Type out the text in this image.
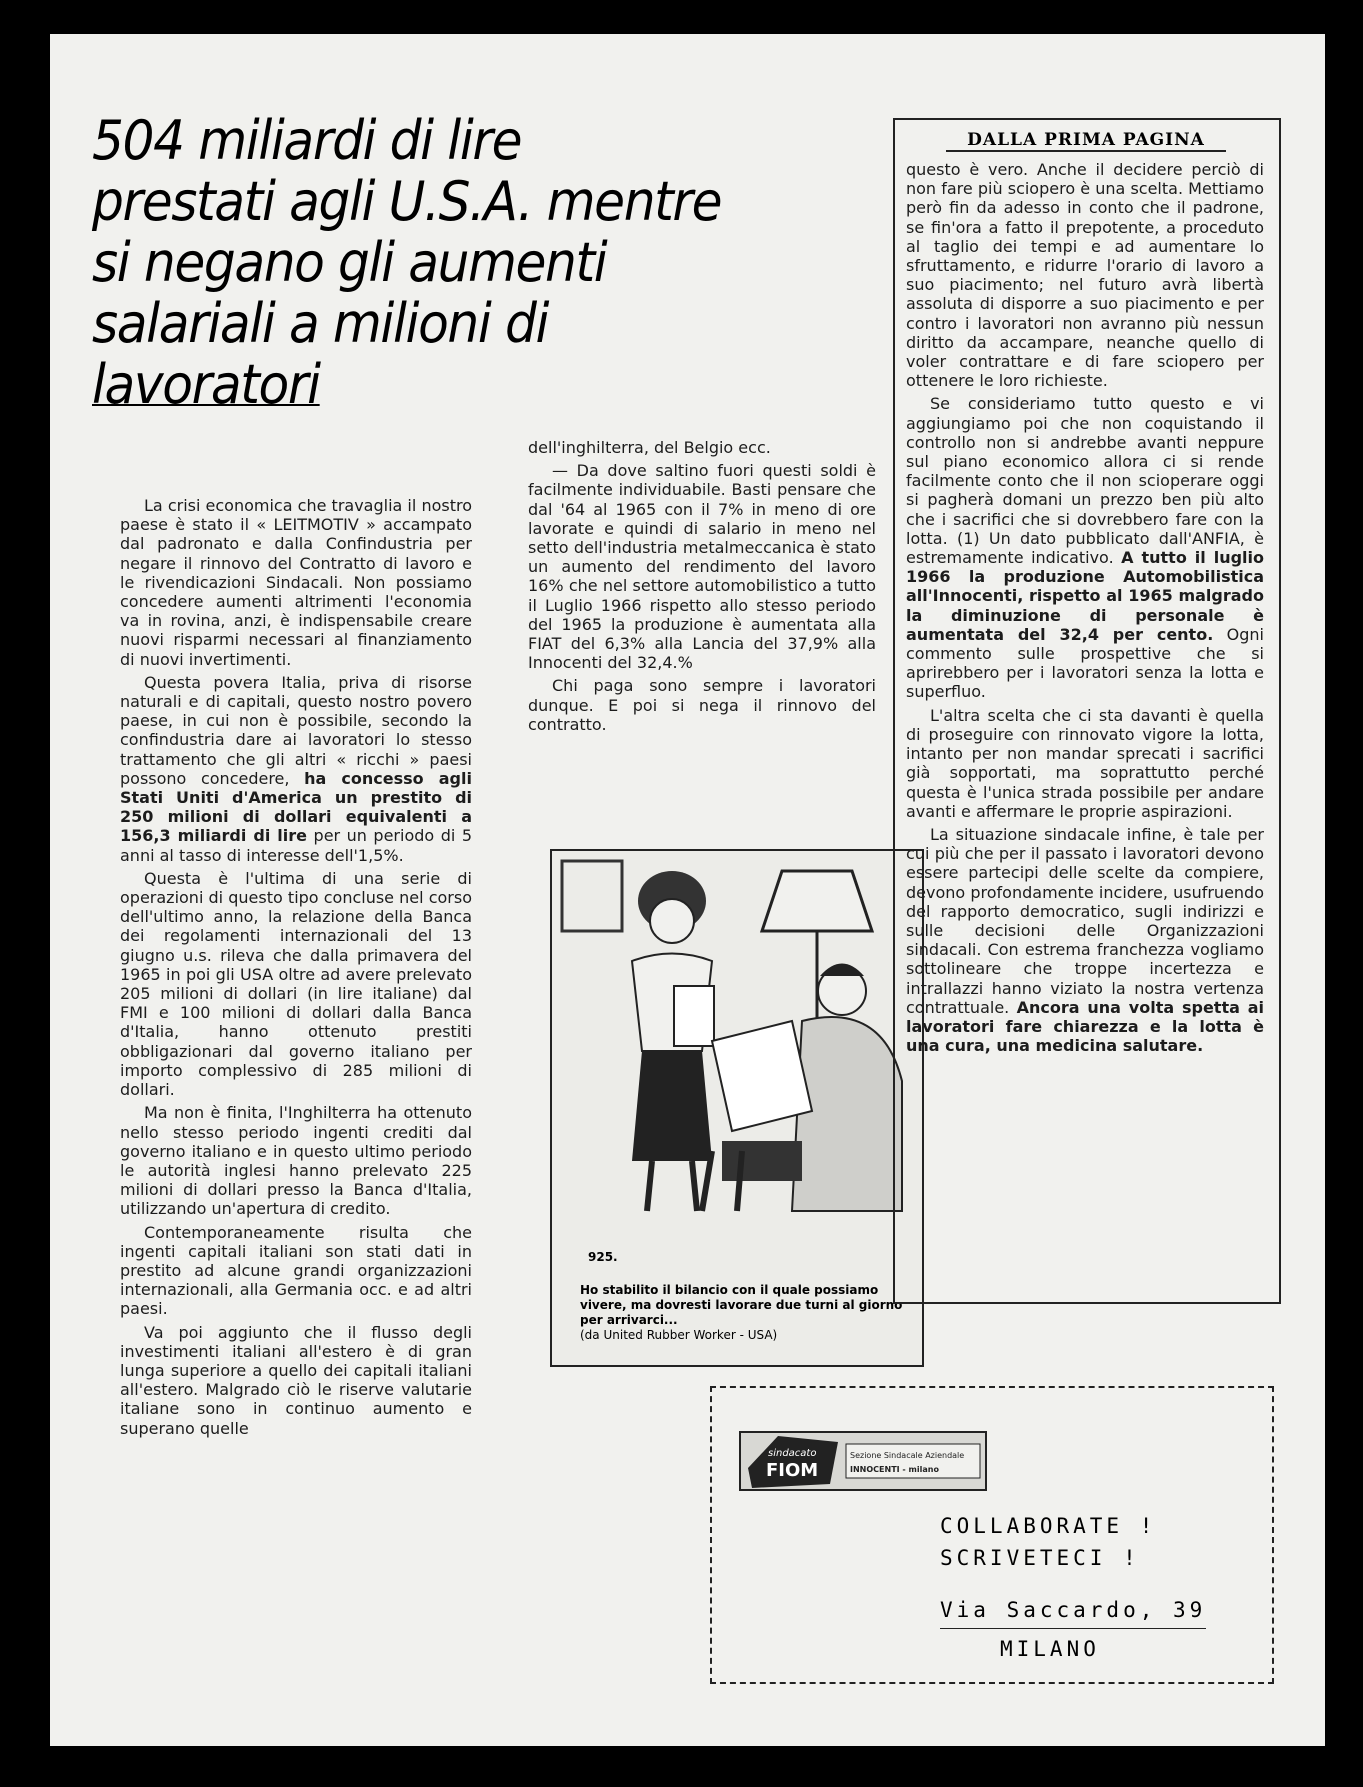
504 miliardi di lire
prestati agli U.S.A. mentre
si negano gli aumenti
salariali a milioni di
lavoratori

La crisi economica che travaglia il nostro paese è stato il « LEITMOTIV » accampato dal padronato e dalla Confindustria per negare il rinnovo del Contratto di lavoro e le rivendicazioni Sindacali. Non possiamo concedere aumenti altrimenti l'economia va in rovina, anzi, è indispensabile creare nuovi risparmi necessari al finanziamento di nuovi invertimenti.

Questa povera Italia, priva di risorse naturali e di capitali, questo nostro povero paese, in cui non è possibile, secondo la confindustria dare ai lavoratori lo stesso trattamento che gli altri « ricchi » paesi possono concedere, ha concesso agli Stati Uniti d'America un prestito di 250 milioni di dollari equivalenti a 156,3 miliardi di lire per un periodo di 5 anni al tasso di interesse dell'1,5%.

Questa è l'ultima di una serie di operazioni di questo tipo concluse nel corso dell'ultimo anno, la relazione della Banca dei regolamenti internazionali del 13 giugno u.s. rileva che dalla primavera del 1965 in poi gli USA oltre ad avere prelevato 205 milioni di dollari (in lire italiane) dal FMI e 100 milioni di dollari dalla Banca d'Italia, hanno ottenuto prestiti obbligazionari dal governo italiano per importo complessivo di 285 milioni di dollari.

Ma non è finita, l'Inghilterra ha ottenuto nello stesso periodo ingenti crediti dal governo italiano e in questo ultimo periodo le autorità inglesi hanno prelevato 225 milioni di dollari presso la Banca d'Italia, utilizzando un'apertura di credito.

Contemporaneamente risulta che ingenti capitali italiani son stati dati in prestito ad alcune grandi organizzazioni internazionali, alla Germania occ. e ad altri paesi.

Va poi aggiunto che il flusso degli investimenti italiani all'estero è di gran lunga superiore a quello dei capitali italiani all'estero. Malgrado ciò le riserve valutarie italiane sono in continuo aumento e superano quelle

dell'inghilterra, del Belgio ecc.

— Da dove saltino fuori questi soldi è facilmente individuabile. Basti pensare che dal '64 al 1965 con il 7% in meno di ore lavorate e quindi di salario in meno nel setto dell'industria metalmeccanica è stato un aumento del rendimento del lavoro 16% che nel settore automobilistico a tutto il Luglio 1966 rispetto allo stesso periodo del 1965 la produzione è aumentata alla FIAT del 6,3% alla Lancia del 37,9% alla Innocenti del 32,4.%

Chi paga sono sempre i lavoratori dunque. E poi si nega il rinnovo del contratto.

925.
Ho stabilito il bilancio con il quale possiamo vivere, ma dovresti lavorare due turni al giorno per arrivarci...
(da United Rubber Worker - USA)
DALLA PRIMA PAGINA

questo è vero. Anche il decidere perciò di non fare più sciopero è una scelta. Mettiamo però fin da adesso in conto che il padrone, se fin'ora a fatto il prepotente, a proceduto al taglio dei tempi e ad aumentare lo sfruttamento, e ridurre l'orario di lavoro a suo piacimento; nel futuro avrà libertà assoluta di disporre a suo piacimento e per contro i lavoratori non avranno più nessun diritto da accampare, neanche quello di voler contrattare e di fare sciopero per ottenere le loro richieste.

Se consideriamo tutto questo e vi aggiungiamo poi che non coquistando il controllo non si andrebbe avanti neppure sul piano economico allora ci si rende facilmente conto che il non scioperare oggi si pagherà domani un prezzo ben più alto che i sacrifici che si dovrebbero fare con la lotta. (1) Un dato pubblicato dall'ANFIA, è estremamente indicativo. A tutto il luglio 1966 la produzione Automobilistica all'Innocenti, rispetto al 1965 malgrado la diminuzione di personale è aumentata del 32,4 per cento. Ogni commento sulle prospettive che si aprirebbero per i lavoratori senza la lotta e superfluo.

L'altra scelta che ci sta davanti è quella di proseguire con rinnovato vigore la lotta, intanto per non mandar sprecati i sacrifici già sopportati, ma soprattutto perché questa è l'unica strada possibile per andare avanti e affermare le proprie aspirazioni.

La situazione sindacale infine, è tale per cui più che per il passato i lavoratori devono essere partecipi delle scelte da compiere, devono profondamente incidere, usufruendo del rapporto democratico, sugli indirizzi e sulle decisioni delle Organizzazioni sindacali. Con estrema franchezza vogliamo sottolineare che troppe incertezza e intrallazzi hanno viziato la nostra vertenza contrattuale. Ancora una volta spetta ai lavoratori fare chiarezza e la lotta è una cura, una medicina salutare.

sindacato
FIOM
Sezione Sindacale Aziendale
INNOCENTI - milano
COLLABORATE !
SCRIVETECI !
Via Saccardo, 39
MILANO
